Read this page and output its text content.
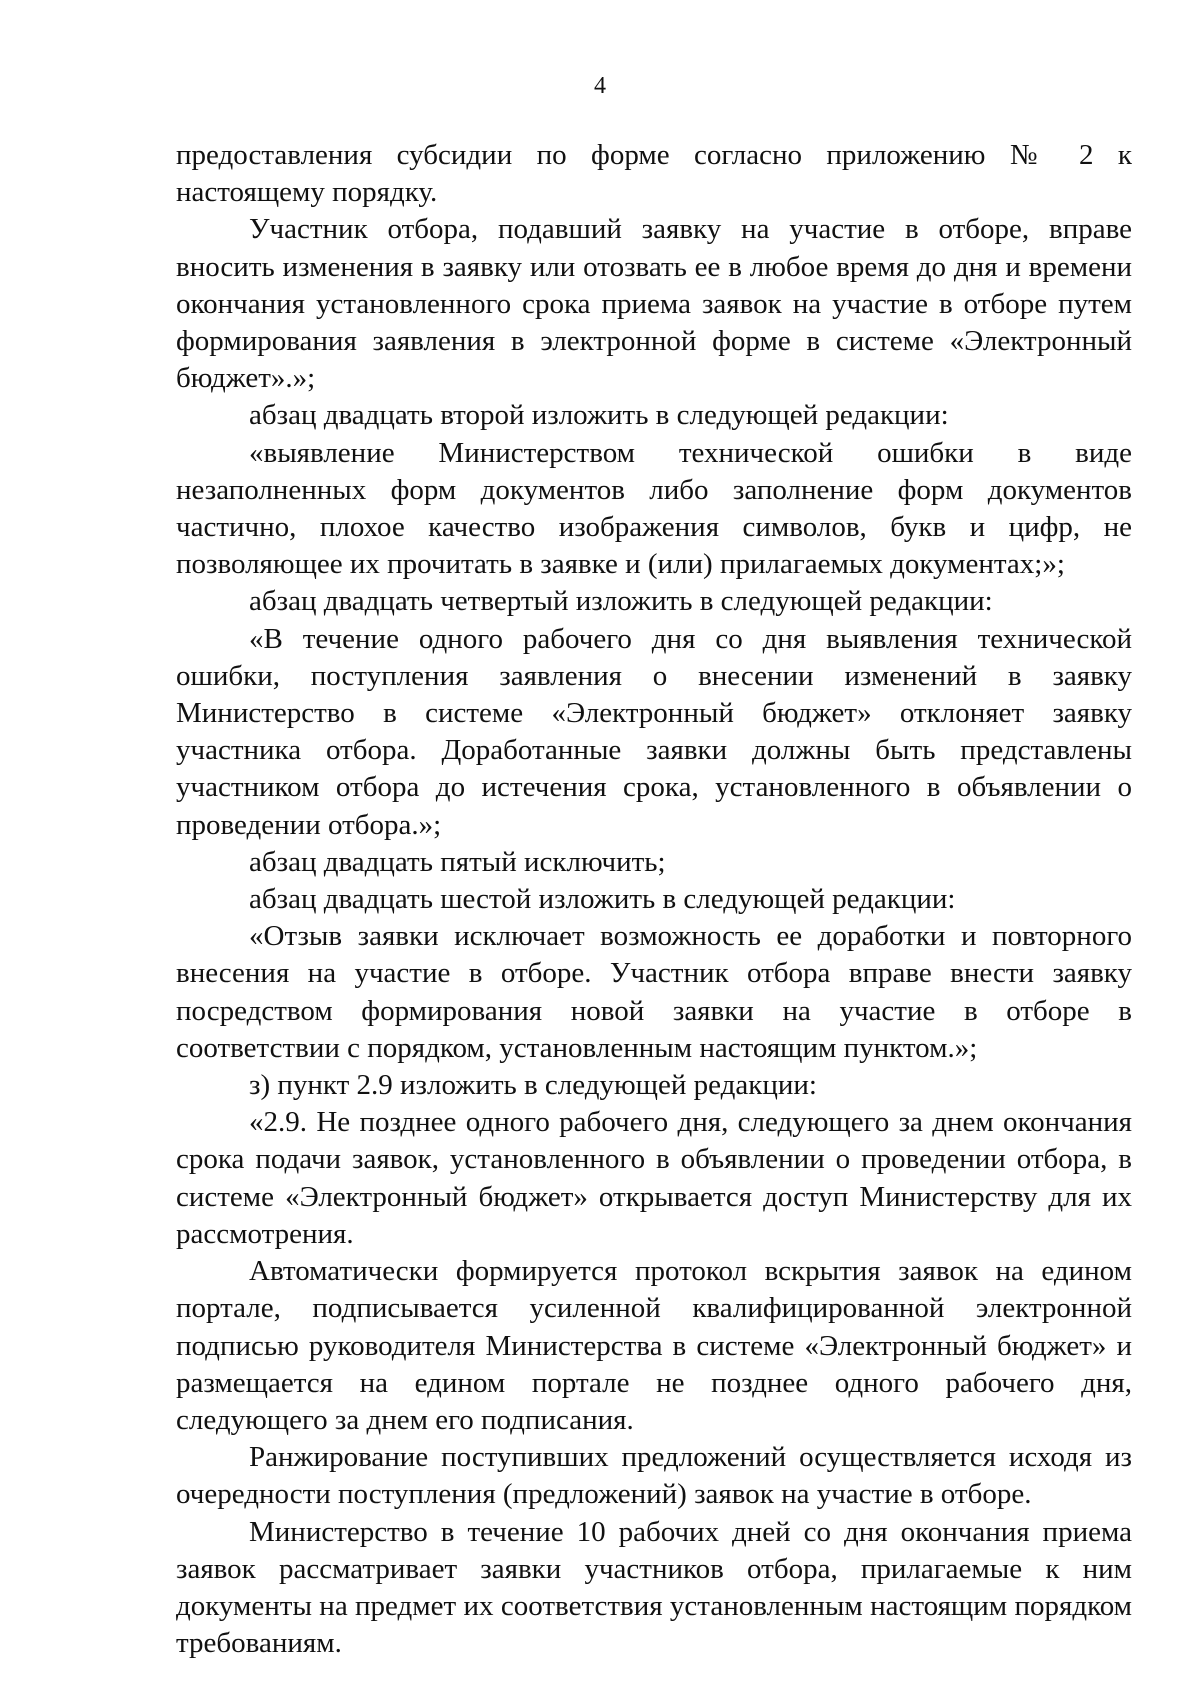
4

предоставления субсидии по форме согласно приложению № 2 к настоящему порядку.

Участник отбора, подавший заявку на участие в отборе, вправе вносить изменения в заявку или отозвать ее в любое время до дня и времени окончания установленного срока приема заявок на участие в отборе путем формирования заявления в электронной форме в системе «Электронный бюджет».»;

абзац двадцать второй изложить в следующей редакции:

«выявление Министерством технической ошибки в виде незаполненных форм документов либо заполнение форм документов частично, плохое качество изображения символов, букв и цифр, не позволяющее их прочитать в заявке и (или) прилагаемых документах;»;

абзац двадцать четвертый изложить в следующей редакции:

«В течение одного рабочего дня со дня выявления технической ошибки, поступления заявления о внесении изменений в заявку Министерство в системе «Электронный бюджет» отклоняет заявку участника отбора. Доработанные заявки должны быть представлены участником отбора до истечения срока, установленного в объявлении о проведении отбора.»;

абзац двадцать пятый исключить;

абзац двадцать шестой изложить в следующей редакции:

«Отзыв заявки исключает возможность ее доработки и повторного внесения на участие в отборе. Участник отбора вправе внести заявку посредством формирования новой заявки на участие в отборе в соответствии с порядком, установленным настоящим пунктом.»;

з) пункт 2.9 изложить в следующей редакции:

«2.9. Не позднее одного рабочего дня, следующего за днем окончания срока подачи заявок, установленного в объявлении о проведении отбора, в системе «Электронный бюджет» открывается доступ Министерству для их рассмотрения.

Автоматически формируется протокол вскрытия заявок на едином портале, подписывается усиленной квалифицированной электронной подписью руководителя Министерства в системе «Электронный бюджет» и размещается на едином портале не позднее одного рабочего дня, следующего за днем его подписания.

Ранжирование поступивших предложений осуществляется исходя из очередности поступления (предложений) заявок на участие в отборе.

Министерство в течение 10 рабочих дней со дня окончания приема заявок рассматривает заявки участников отбора, прилагаемые к ним документы на предмет их соответствия установленным настоящим порядком требованиям.
